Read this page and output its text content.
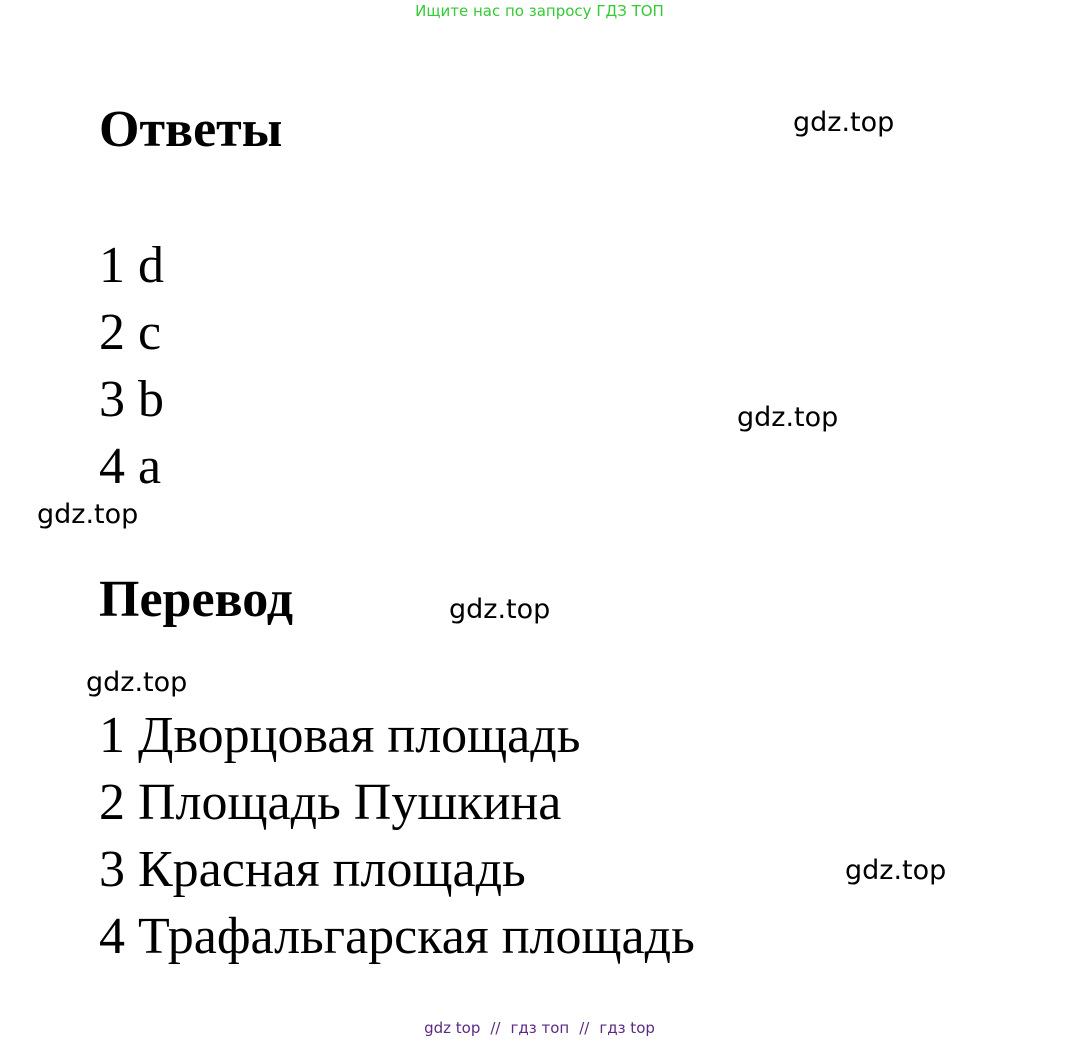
Ищите нас по запросу ГДЗ ТОП
Ответы
1 d
2 c
3 b
4 a
Перевод
1 Дворцовая площадь
2 Площадь Пушкина
3 Красная площадь
4 Трафальгарская площадь
gdz.top
gdz.top
gdz.top
gdz.top
gdz.top
gdz.top
gdz top // гдз топ // гдз top
